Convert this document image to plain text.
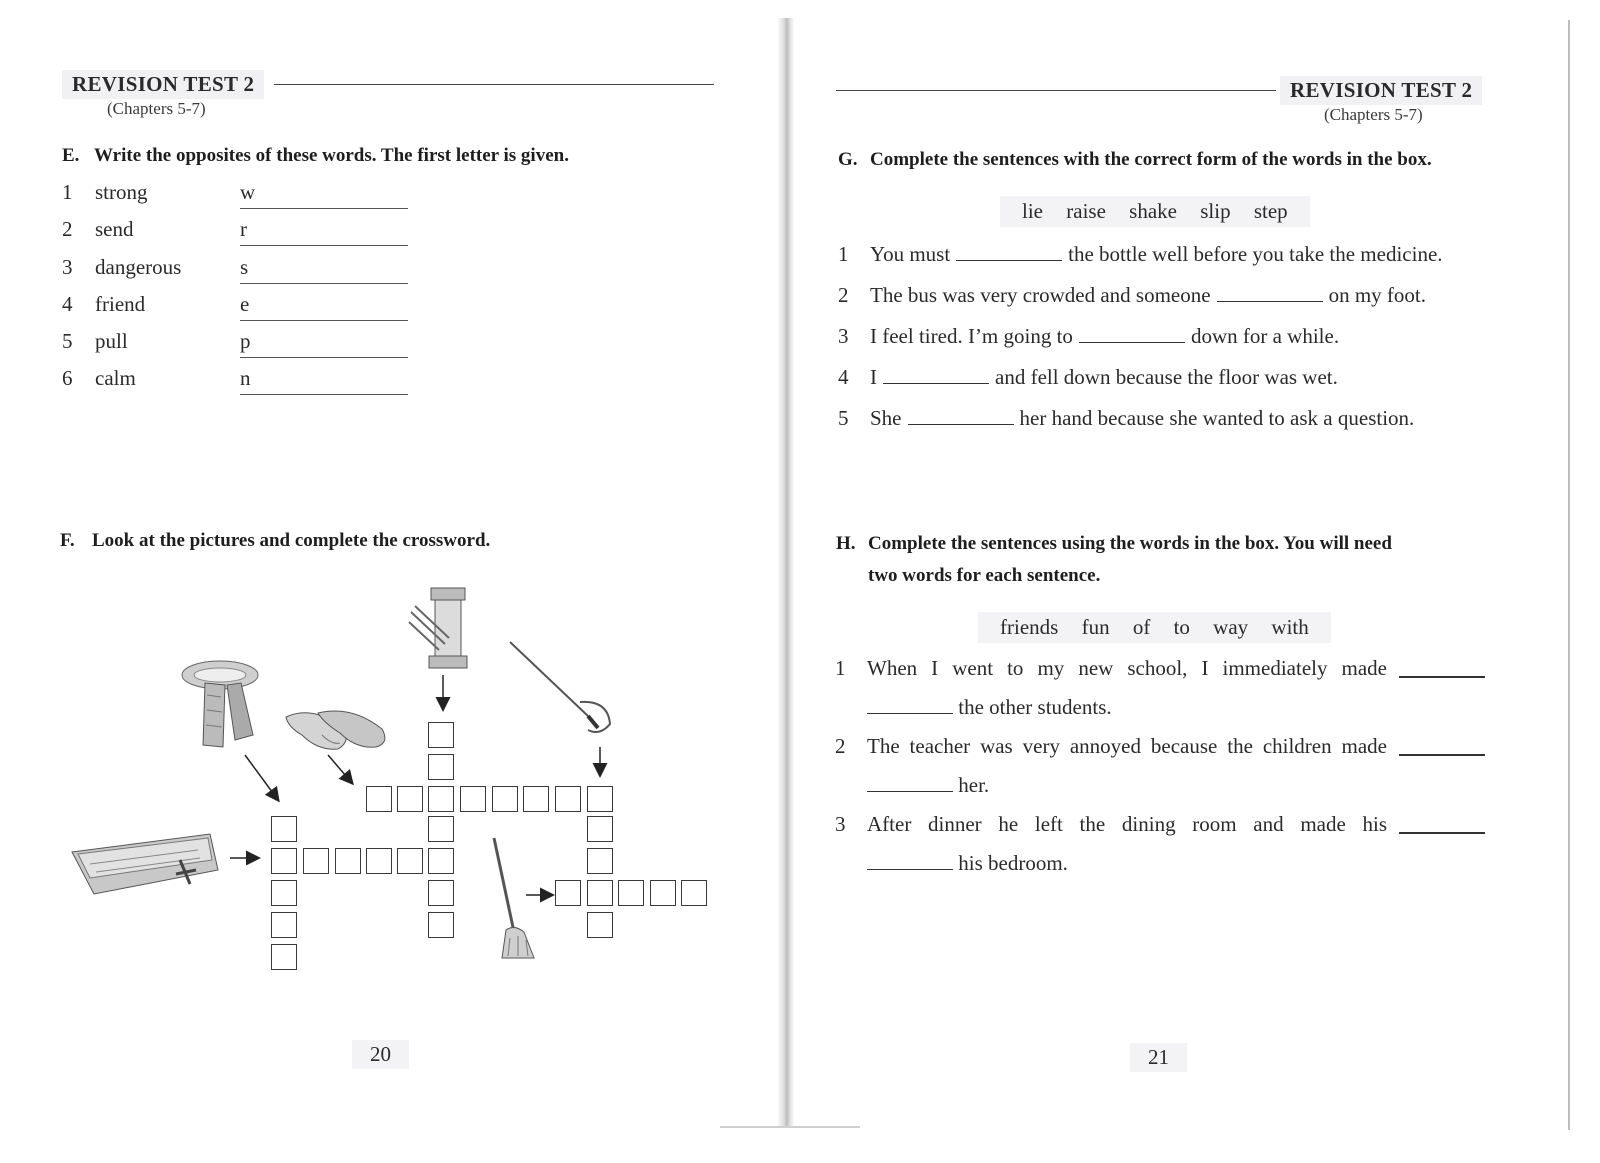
REVISION TEST 2
(Chapters 5-7)
E. Write the opposites of these words. The first letter is given.
1 strong	w
2 send	r
3 dangerous	s
4 friend	e
5 pull	p
6 calm	n
F. Look at the pictures and complete the crossword.
20
REVISION TEST 2
(Chapters 5-7)
G. Complete the sentences with the correct form of the words in the box.
lie raise shake slip step
1 You must	the bottle well before you take the medicine.
2 The bus was very crowded and someone	on my foot.
3 I feel tired. I’m going to	down for a while.
4 I	and fell down because the floor was wet.
5 She	her hand because she wanted to ask a question.
H. Complete the sentences using the words in the box. You will need
two words for each sentence.
friends fun of to way with
1 When I went to my new school, I immediately made
the other students.
2 The teacher was very annoyed because the children made
her.
3 After dinner he left the dining room and made his
his bedroom.
21
